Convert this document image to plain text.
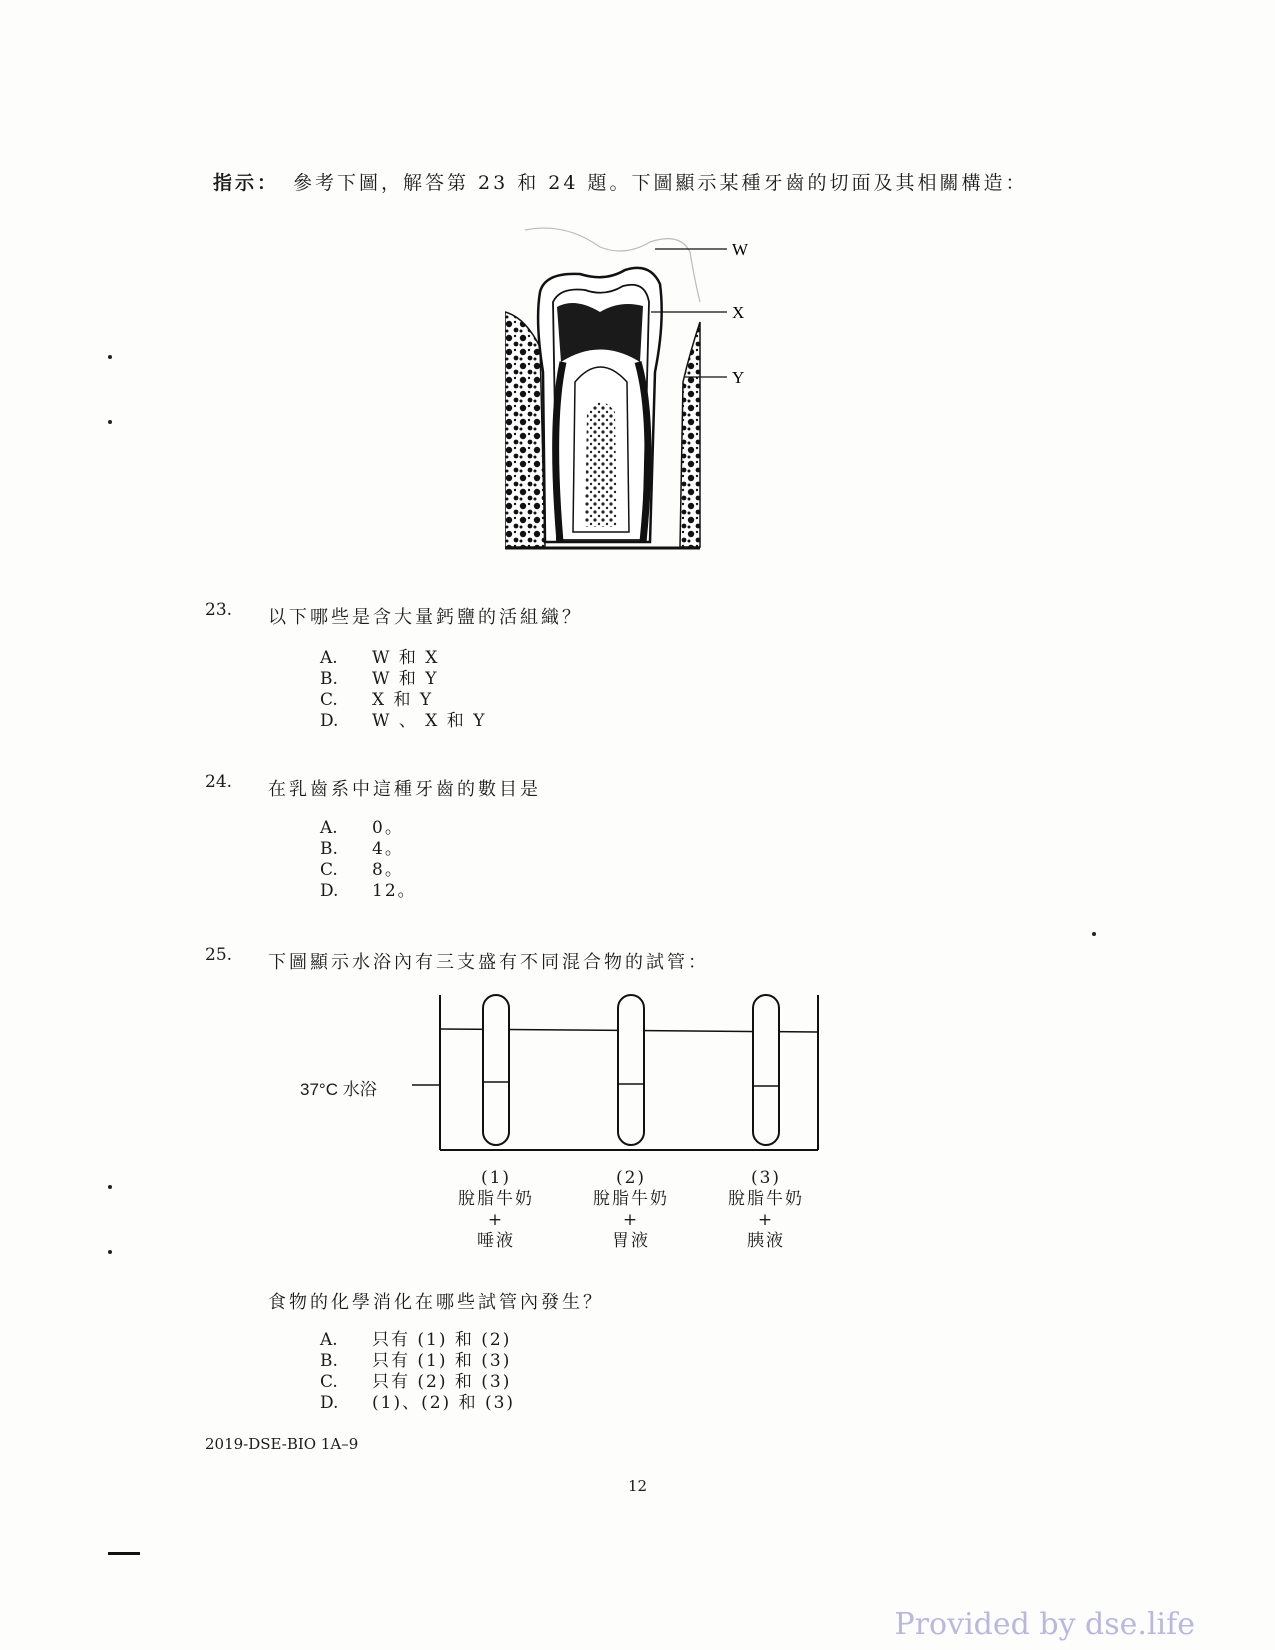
指示： 參考下圖，解答第 23 和 24 題。下圖顯示某種牙齒的切面及其相關構造：
W
X
Y
23. 以下哪些是含大量鈣鹽的活組織？
A. W 和 X
B. W 和 Y
C. X 和 Y
D. W 、 X 和 Y
24. 在乳齒系中這種牙齒的數目是
A. 0。
B. 4。
C. 8。
D. 12。
25. 下圖顯示水浴內有三支盛有不同混合物的試管：
37°C 水浴
(1)
脫脂牛奶
+
唾液
(2)
脫脂牛奶
+
胃液
(3)
脫脂牛奶
+
胰液
食物的化學消化在哪些試管內發生？
A. 只有 (1) 和 (2)
B. 只有 (1) 和 (3)
C. 只有 (2) 和 (3)
D. (1)、(2) 和 (3)
2019-DSE-BIO 1A–9
12
Provided by dse.life
